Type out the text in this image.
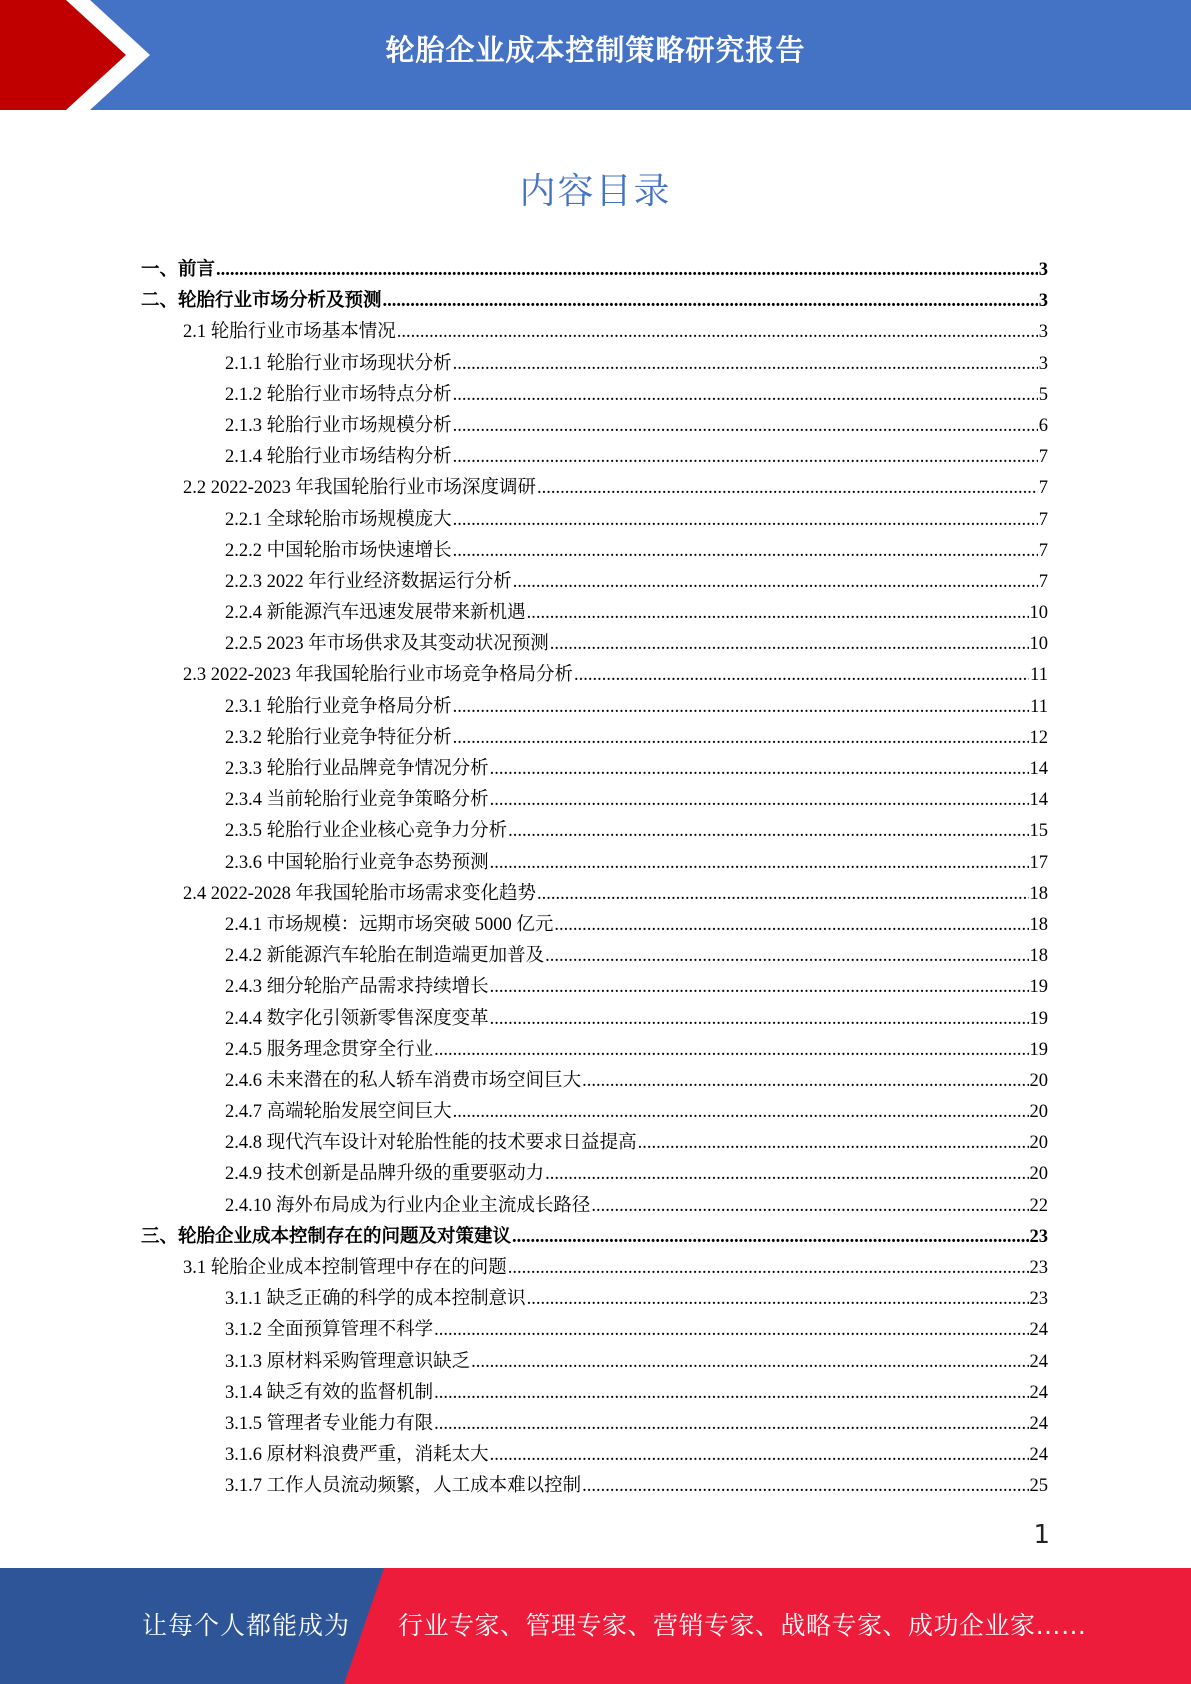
轮胎企业成本控制策略研究报告
内容目录
一、前言 .....	3
二、轮胎行业市场分析及预测 .....	3
2.1 轮胎行业市场基本情况 .....	3
2.1.1 轮胎行业市场现状分析 .....	3
2.1.2 轮胎行业市场特点分析 .....	5
2.1.3 轮胎行业市场规模分析 .....	6
2.1.4 轮胎行业市场结构分析 .....	7
2.2 2022-2023 年我国轮胎行业市场深度调研 .....	7
2.2.1 全球轮胎市场规模庞大 .....	7
2.2.2 中国轮胎市场快速增长 .....	7
2.2.3 2022 年行业经济数据运行分析 .....	7
2.2.4 新能源汽车迅速发展带来新机遇 .....	10
2.2.5 2023 年市场供求及其变动状况预测 .....	10
2.3 2022-2023 年我国轮胎行业市场竞争格局分析 .....	11
2.3.1 轮胎行业竞争格局分析 .....	11
2.3.2 轮胎行业竞争特征分析 .....	12
2.3.3 轮胎行业品牌竞争情况分析 .....	14
2.3.4 当前轮胎行业竞争策略分析 .....	14
2.3.5 轮胎行业企业核心竞争力分析 .....	15
2.3.6 中国轮胎行业竞争态势预测 .....	17
2.4 2022-2028 年我国轮胎市场需求变化趋势 .....	18
2.4.1 市场规模：远期市场突破 5000 亿元 .....	18
2.4.2 新能源汽车轮胎在制造端更加普及 .....	18
2.4.3 细分轮胎产品需求持续增长 .....	19
2.4.4 数字化引领新零售深度变革 .....	19
2.4.5 服务理念贯穿全行业 .....	19
2.4.6 未来潜在的私人轿车消费市场空间巨大 .....	20
2.4.7 高端轮胎发展空间巨大 .....	20
2.4.8 现代汽车设计对轮胎性能的技术要求日益提高 .....	20
2.4.9 技术创新是品牌升级的重要驱动力 .....	20
2.4.10 海外布局成为行业内企业主流成长路径 .....	22
三、轮胎企业成本控制存在的问题及对策建议 .....	23
3.1 轮胎企业成本控制管理中存在的问题 .....	23
3.1.1 缺乏正确的科学的成本控制意识 .....	23
3.1.2 全面预算管理不科学 .....	24
3.1.3 原材料采购管理意识缺乏 .....	24
3.1.4 缺乏有效的监督机制 .....	24
3.1.5 管理者专业能力有限 .....	24
3.1.6 原材料浪费严重，消耗太大 .....	24
3.1.7 工作人员流动频繁，人工成本难以控制 .....	25
1
让每个人都能成为 行业专家、管理专家、营销专家、战略专家、成功企业家……
